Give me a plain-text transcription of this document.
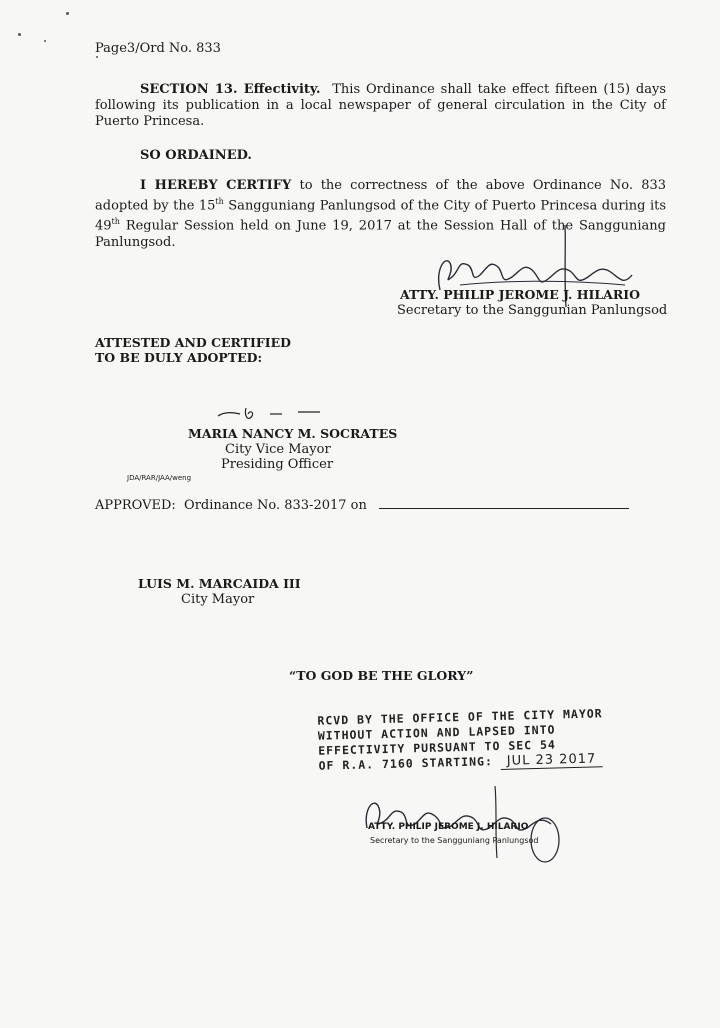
Page3/Ord No. 833
SECTION 13. Effectivity. This Ordinance shall take effect fifteen (15) days following its publication in a local newspaper of general circulation in the City of Puerto Princesa.
SO ORDAINED.
I HEREBY CERTIFY to the correctness of the above Ordinance No. 833 adopted by the 15th Sangguniang Panlungsod of the City of Puerto Princesa during its 49th Regular Session held on June 19, 2017 at the Session Hall of the Sangguniang Panlungsod.
ATTY. PHILIP JEROME J. HILARIO
Secretary to the Sanggunian Panlungsod
ATTESTED AND CERTIFIED
TO BE DULY ADOPTED:
MARIA NANCY M. SOCRATES
City Vice Mayor
Presiding Officer
JDA/RAR/JAA/weng
APPROVED: Ordinance No. 833-2017 on
LUIS M. MARCAIDA III
City Mayor
“TO GOD BE THE GLORY”
RCVD BY THE OFFICE OF THE CITY MAYOR
WITHOUT ACTION AND LAPSED INTO
EFFECTIVITY PURSUANT TO SEC 54
OF R.A. 7160 STARTING: JUL 23 2017
ATTY. PHILIP JEROME J. HILARIO
Secretary to the Sangguniang Panlungsod
